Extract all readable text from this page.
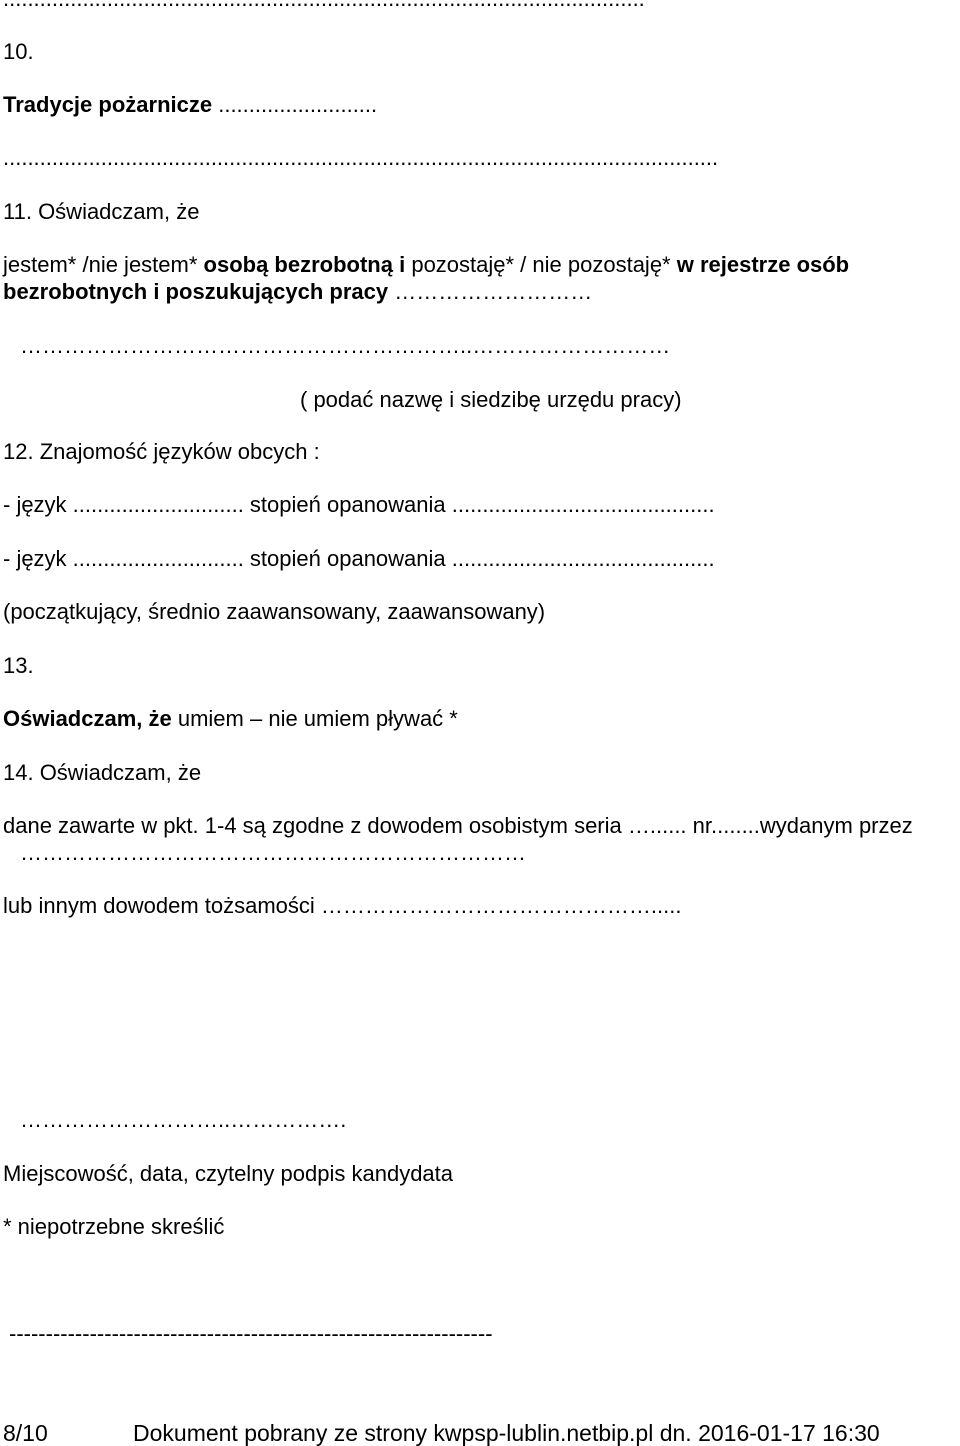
10.
Tradycje pożarnicze ..........................
.....................................................................................................................
11. Oświadczam, że
jestem* /nie jestem* osobą bezrobotną i pozostaję* / nie pozostaję* w rejestrze osób
bezrobotnych i poszukujących pracy ………………………
……………………………………………………..………………………
( podać nazwę i siedzibę urzędu pracy)
12. Znajomość języków obcych :
- język ............................ stopień opanowania ...........................................
- język ............................ stopień opanowania ...........................................
(początkujący, średnio zaawansowany, zaawansowany)
13.
Oświadczam, że umiem – nie umiem pływać *
14. Oświadczam, że
dane zawarte w pkt. 1-4 są zgodne z dowodem osobistym seria …...... nr........wydanym przez
……………………………………………………………
lub innym dowodem tożsamości ……………………………………….....
………………………..…………….
Miejscowość, data, czytelny podpis kandydata
* niepotrzebne skreślić
------------------------------------------------------------------
8/10	Dokument pobrany ze strony kwpsp-lublin.netbip.pl dn. 2016-01-17 16:30
